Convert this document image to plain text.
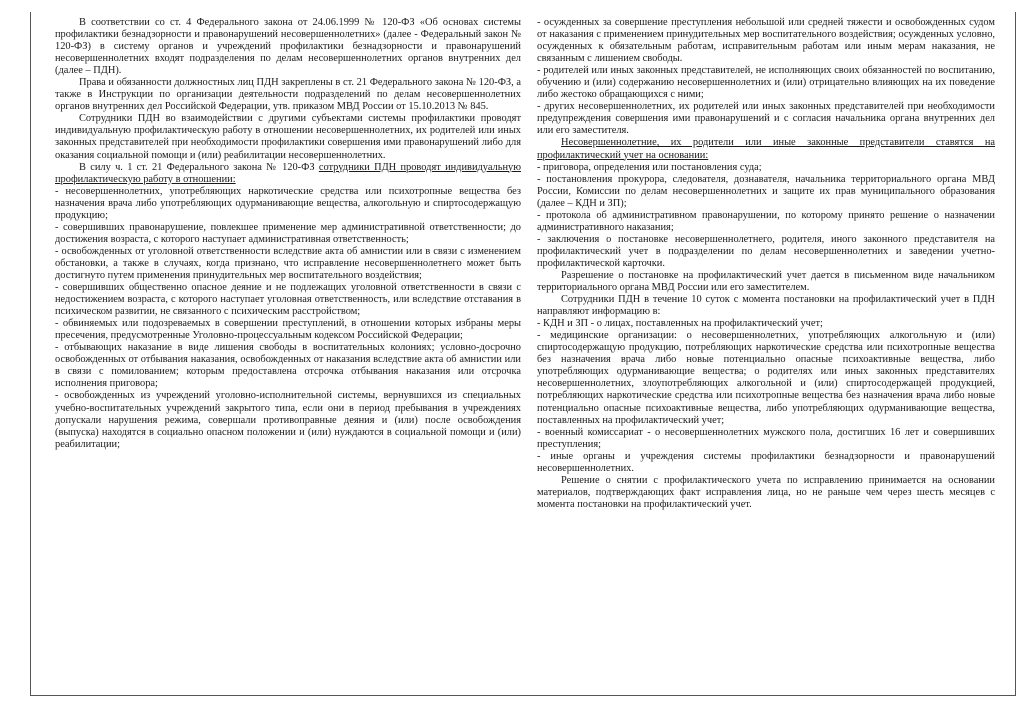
В соответствии со ст. 4 Федерального закона от 24.06.1999 № 120-ФЗ «Об основах системы профилактики безнадзорности и правонарушений несовершеннолетних» (далее - Федеральный закон № 120-ФЗ) в систему органов и учреждений профилактики безнадзорности и правонарушений несовершеннолетних входят подразделения по делам несовершеннолетних органов внутренних дел (далее – ПДН).

Права и обязанности должностных лиц ПДН закреплены в ст. 21 Федерального закона № 120-ФЗ, а также в Инструкции по организации деятельности подразделений по делам несовершеннолетних органов внутренних дел Российской Федерации, утв. приказом МВД России от 15.10.2013 № 845.

Сотрудники ПДН во взаимодействии с другими субъектами системы профилактики проводят индивидуальную профилактическую работу в отношении несовершеннолетних, их родителей или иных законных представителей при необходимости профилактики совершения ими правонарушений либо для оказания социальной помощи и (или) реабилитации несовершеннолетних.

В силу ч. 1 ст. 21 Федерального закона № 120-ФЗ сотрудники ПДН проводят индивидуальную профилактическую работу в отношении:

- несовершеннолетних, употребляющих наркотические средства или психотропные вещества без назначения врача либо употребляющих одурманивающие вещества, алкогольную и спиртосодержащую продукцию;

- совершивших правонарушение, повлекшее применение мер административной ответственности; до достижения возраста, с которого наступает административная ответственность;

- освобожденных от уголовной ответственности вследствие акта об амнистии или в связи с изменением обстановки, а также в случаях, когда признано, что исправление несовершеннолетнего может быть достигнуто путем применения принудительных мер воспитательного воздействия;

- совершивших общественно опасное деяние и не подлежащих уголовной ответственности в связи с недостижением возраста, с которого наступает уголовная ответственность, или вследствие отставания в психическом развитии, не связанного с психическим расстройством;

- обвиняемых или подозреваемых в совершении преступлений, в отношении которых избраны меры пресечения, предусмотренные Уголовно-процессуальным кодексом Российской Федерации;

- отбывающих наказание в виде лишения свободы в воспитательных колониях; условно-досрочно освобожденных от отбывания наказания, освобожденных от наказания вследствие акта об амнистии или в связи с помилованием; которым предоставлена отсрочка отбывания наказания или отсрочка исполнения приговора;

- освобожденных из учреждений уголовно-исполнительной системы, вернувшихся из специальных учебно-воспитательных учреждений закрытого типа, если они в период пребывания в учреждениях допускали нарушения режима, совершали противоправные деяния и (или) после освобождения (выпуска) находятся в социально опасном положении и (или) нуждаются в социальной помощи и (или) реабилитации;

- осужденных за совершение преступления небольшой или средней тяжести и освобожденных судом от наказания с применением принудительных мер воспитательного воздействия; осужденных условно, осужденных к обязательным работам, исправительным работам или иным мерам наказания, не связанным с лишением свободы.

- родителей или иных законных представителей, не исполняющих своих обязанностей по воспитанию, обучению и (или) содержанию несовершеннолетних и (или) отрицательно влияющих на их поведение либо жестоко обращающихся с ними;

- других несовершеннолетних, их родителей или иных законных представителей при необходимости предупреждения совершения ими правонарушений и с согласия начальника органа внутренних дел или его заместителя.

Несовершеннолетние, их родители или иные законные представители ставятся на профилактический учет на основании:

- приговора, определения или постановления суда;

- постановления прокурора, следователя, дознавателя, начальника территориального органа МВД России, Комиссии по делам несовершеннолетних и защите их прав муниципального образования (далее – КДН и ЗП);

- протокола об административном правонарушении, по которому принято решение о назначении административного наказания;

- заключения о постановке несовершеннолетнего, родителя, иного законного представителя на профилактический учет в подразделении по делам несовершеннолетних и заведении учетно-профилактической карточки.

Разрешение о постановке на профилактический учет дается в письменном виде начальником территориального органа МВД России или его заместителем.

Сотрудники ПДН в течение 10 суток с момента постановки на профилактический учет в ПДН направляют информацию в:

- КДН и ЗП - о лицах, поставленных на профилактический учет;

- медицинские организации: о несовершеннолетних, употребляющих алкогольную и (или) спиртосодержащую продукцию, потребляющих наркотические средства или психотропные вещества без назначения врача либо новые потенциально опасные психоактивные вещества, либо употребляющих одурманивающие вещества; о родителях или иных законных представителях несовершеннолетних, злоупотребляющих алкогольной и (или) спиртосодержащей продукцией, потребляющих наркотические средства или психотропные вещества без назначения врача либо новые потенциально опасные психоактивные вещества, либо употребляющих одурманивающие вещества, поставленных на профилактический учет;

- военный комиссариат - о несовершеннолетних мужского пола, достигших 16 лет и совершивших преступления;

- иные органы и учреждения системы профилактики безнадзорности и правонарушений несовершеннолетних.

Решение о снятии с профилактического учета по исправлению принимается на основании материалов, подтверждающих факт исправления лица, но не раньше чем через шесть месяцев с момента постановки на профилактический учет.
